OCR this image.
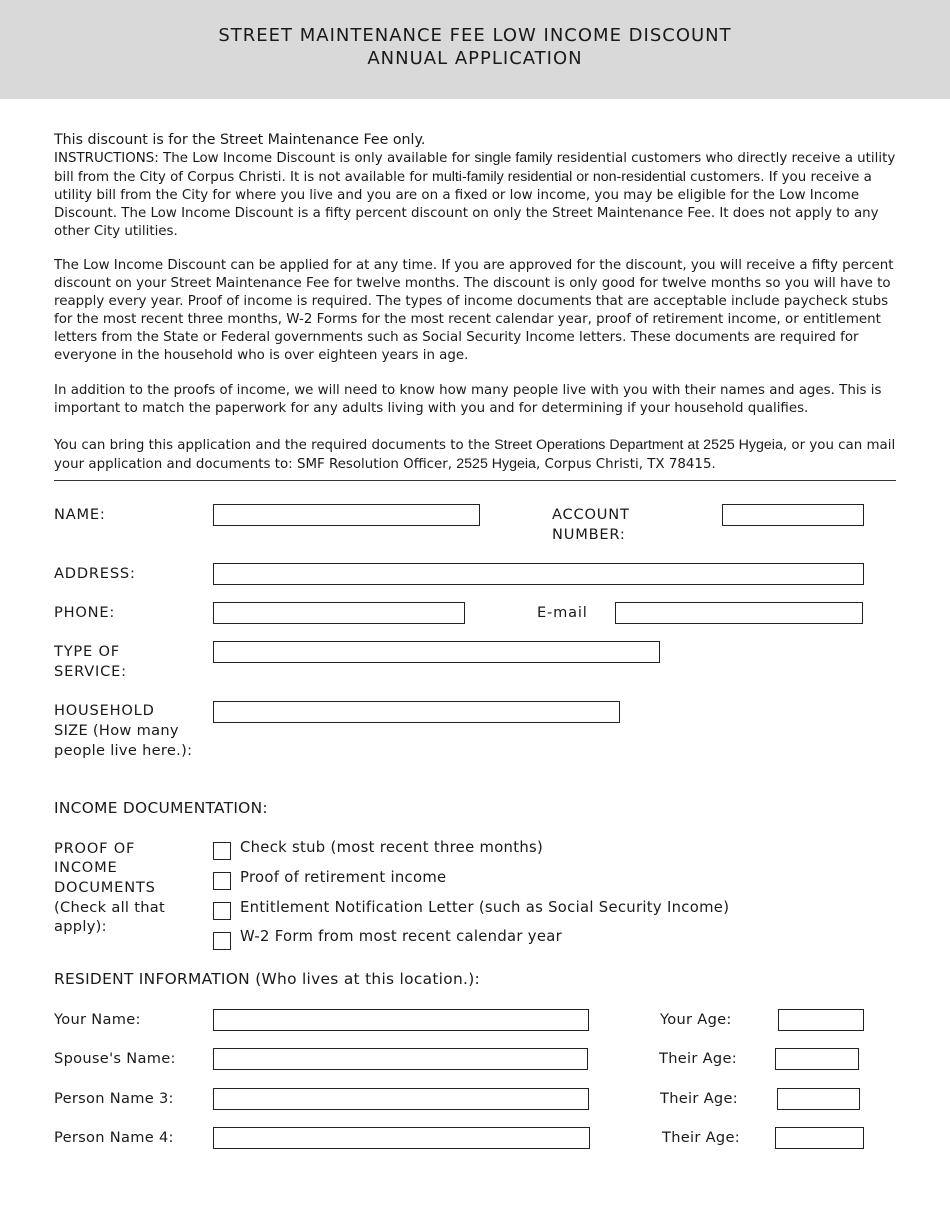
STREET MAINTENANCE FEE LOW INCOME DISCOUNT
ANNUAL APPLICATION

This discount is for the Street Maintenance Fee only.

INSTRUCTIONS: The Low Income Discount is only available for single family residential customers who directly receive a utility bill from the City of Corpus Christi. It is not available for multi-family residential or non-residential customers. If you receive a utility bill from the City for where you live and you are on a fixed or low income, you may be eligible for the Low Income Discount. The Low Income Discount is a fifty percent discount on only the Street Maintenance Fee. It does not apply to any other City utilities.

The Low Income Discount can be applied for at any time. If you are approved for the discount, you will receive a fifty percent discount on your Street Maintenance Fee for twelve months. The discount is only good for twelve months so you will have to reapply every year. Proof of income is required. The types of income documents that are acceptable include paycheck stubs for the most recent three months, W-2 Forms for the most recent calendar year, proof of retirement income, or entitlement letters from the State or Federal governments such as Social Security Income letters. These documents are required for everyone in the household who is over eighteen years in age.

In addition to the proofs of income, we will need to know how many people live with you with their names and ages. This is important to match the paperwork for any adults living with you and for determining if your household qualifies.

You can bring this application and the required documents to the Street Operations Department at 2525 Hygeia, or you can mail your application and documents to: SMF Resolution Officer, 2525 Hygeia, Corpus Christi, TX 78415.

NAME:	ACCOUNT
NUMBER:
ADDRESS:
PHONE:	E-mail
TYPE OF
SERVICE:
HOUSEHOLD
SIZE (How many
people live here.):
INCOME DOCUMENTATION:
PROOF OF
INCOME
DOCUMENTS
(Check all that
apply):
Check stub (most recent three months)
Proof of retirement income
Entitlement Notification Letter (such as Social Security Income)
W-2 Form from most recent calendar year
RESIDENT INFORMATION (Who lives at this location.):
Your Name:	Your Age:
Spouse's Name:	Their Age:
Person Name 3:	Their Age:
Person Name 4:	Their Age:
